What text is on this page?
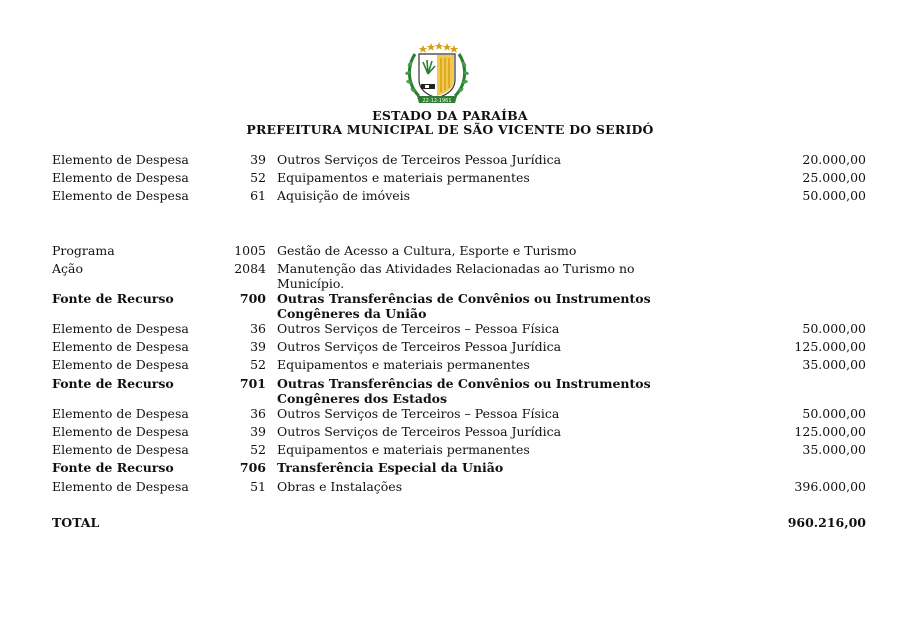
22-12-1961
ESTADO DA PARAÍBA
PREFEITURA MUNICIPAL DE SÃO VICENTE DO SERIDÓ
Elemento de Despesa	39 Outros Serviços de Terceiros Pessoa Jurídica	20.000,00
Elemento de Despesa	52 Equipamentos e materiais permanentes	25.000,00
Elemento de Despesa	61 Aquisição de imóveis	50.000,00
Programa	1005 Gestão de Acesso a Cultura, Esporte e Turismo
Ação	2084 Manutenção das Atividades Relacionadas ao Turismo no Município.
Fonte de Recurso	700 Outras Transferências de Convênios ou Instrumentos Congêneres da União
Elemento de Despesa	36 Outros Serviços de Terceiros – Pessoa Física	50.000,00
Elemento de Despesa	39 Outros Serviços de Terceiros Pessoa Jurídica	125.000,00
Elemento de Despesa	52 Equipamentos e materiais permanentes	35.000,00
Fonte de Recurso	701 Outras Transferências de Convênios ou Instrumentos Congêneres dos Estados
Elemento de Despesa	36 Outros Serviços de Terceiros – Pessoa Física	50.000,00
Elemento de Despesa	39 Outros Serviços de Terceiros Pessoa Jurídica	125.000,00
Elemento de Despesa	52 Equipamentos e materiais permanentes	35.000,00
Fonte de Recurso	706 Transferência Especial da União
Elemento de Despesa	51 Obras e Instalações	396.000,00
TOTAL	960.216,00
